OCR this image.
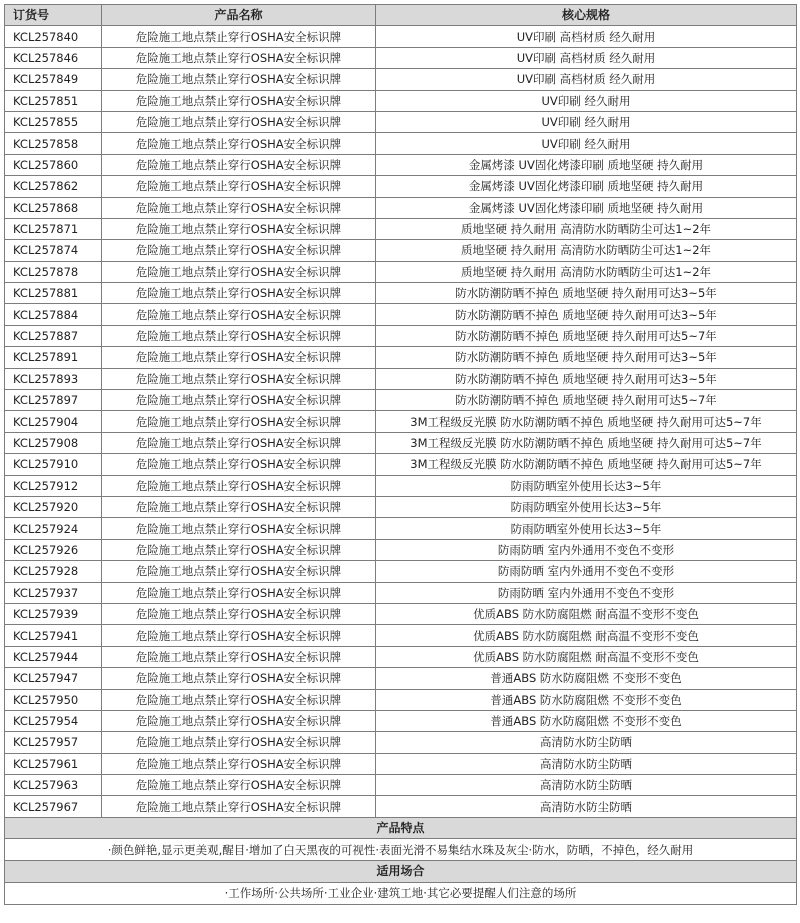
订货号	产品名称	核心规格
KCL257840	危险施工地点禁止穿行OSHA安全标识牌	UV印刷 高档材质 经久耐用
KCL257846	危险施工地点禁止穿行OSHA安全标识牌	UV印刷 高档材质 经久耐用
KCL257849	危险施工地点禁止穿行OSHA安全标识牌	UV印刷 高档材质 经久耐用
KCL257851	危险施工地点禁止穿行OSHA安全标识牌	UV印刷 经久耐用
KCL257855	危险施工地点禁止穿行OSHA安全标识牌	UV印刷 经久耐用
KCL257858	危险施工地点禁止穿行OSHA安全标识牌	UV印刷 经久耐用
KCL257860	危险施工地点禁止穿行OSHA安全标识牌	金属烤漆 UV固化烤漆印刷 质地坚硬 持久耐用
KCL257862	危险施工地点禁止穿行OSHA安全标识牌	金属烤漆 UV固化烤漆印刷 质地坚硬 持久耐用
KCL257868	危险施工地点禁止穿行OSHA安全标识牌	金属烤漆 UV固化烤漆印刷 质地坚硬 持久耐用
KCL257871	危险施工地点禁止穿行OSHA安全标识牌	质地坚硬 持久耐用 高清防水防晒防尘可达1~2年
KCL257874	危险施工地点禁止穿行OSHA安全标识牌	质地坚硬 持久耐用 高清防水防晒防尘可达1~2年
KCL257878	危险施工地点禁止穿行OSHA安全标识牌	质地坚硬 持久耐用 高清防水防晒防尘可达1~2年
KCL257881	危险施工地点禁止穿行OSHA安全标识牌	防水防潮防晒不掉色 质地坚硬 持久耐用可达3~5年
KCL257884	危险施工地点禁止穿行OSHA安全标识牌	防水防潮防晒不掉色 质地坚硬 持久耐用可达3~5年
KCL257887	危险施工地点禁止穿行OSHA安全标识牌	防水防潮防晒不掉色 质地坚硬 持久耐用可达5~7年
KCL257891	危险施工地点禁止穿行OSHA安全标识牌	防水防潮防晒不掉色 质地坚硬 持久耐用可达3~5年
KCL257893	危险施工地点禁止穿行OSHA安全标识牌	防水防潮防晒不掉色 质地坚硬 持久耐用可达3~5年
KCL257897	危险施工地点禁止穿行OSHA安全标识牌	防水防潮防晒不掉色 质地坚硬 持久耐用可达5~7年
KCL257904	危险施工地点禁止穿行OSHA安全标识牌	3M工程级反光膜 防水防潮防晒不掉色 质地坚硬 持久耐用可达5~7年
KCL257908	危险施工地点禁止穿行OSHA安全标识牌	3M工程级反光膜 防水防潮防晒不掉色 质地坚硬 持久耐用可达5~7年
KCL257910	危险施工地点禁止穿行OSHA安全标识牌	3M工程级反光膜 防水防潮防晒不掉色 质地坚硬 持久耐用可达5~7年
KCL257912	危险施工地点禁止穿行OSHA安全标识牌	防雨防晒室外使用长达3~5年
KCL257920	危险施工地点禁止穿行OSHA安全标识牌	防雨防晒室外使用长达3~5年
KCL257924	危险施工地点禁止穿行OSHA安全标识牌	防雨防晒室外使用长达3~5年
KCL257926	危险施工地点禁止穿行OSHA安全标识牌	防雨防晒 室内外通用不变色不变形
KCL257928	危险施工地点禁止穿行OSHA安全标识牌	防雨防晒 室内外通用不变色不变形
KCL257937	危险施工地点禁止穿行OSHA安全标识牌	防雨防晒 室内外通用不变色不变形
KCL257939	危险施工地点禁止穿行OSHA安全标识牌	优质ABS 防水防腐阻燃 耐高温不变形不变色
KCL257941	危险施工地点禁止穿行OSHA安全标识牌	优质ABS 防水防腐阻燃 耐高温不变形不变色
KCL257944	危险施工地点禁止穿行OSHA安全标识牌	优质ABS 防水防腐阻燃 耐高温不变形不变色
KCL257947	危险施工地点禁止穿行OSHA安全标识牌	普通ABS 防水防腐阻燃 不变形不变色
KCL257950	危险施工地点禁止穿行OSHA安全标识牌	普通ABS 防水防腐阻燃 不变形不变色
KCL257954	危险施工地点禁止穿行OSHA安全标识牌	普通ABS 防水防腐阻燃 不变形不变色
KCL257957	危险施工地点禁止穿行OSHA安全标识牌	高清防水防尘防晒
KCL257961	危险施工地点禁止穿行OSHA安全标识牌	高清防水防尘防晒
KCL257963	危险施工地点禁止穿行OSHA安全标识牌	高清防水防尘防晒
KCL257967	危险施工地点禁止穿行OSHA安全标识牌	高清防水防尘防晒
产品特点		
·颜色鲜艳,显示更美观,醒目·增加了白天黑夜的可视性·表面光滑不易集结水珠及灰尘·防水，防晒，不掉色，经久耐用		
适用场合		
·工作场所·公共场所·工业企业·建筑工地·其它必要提醒人们注意的场所		
